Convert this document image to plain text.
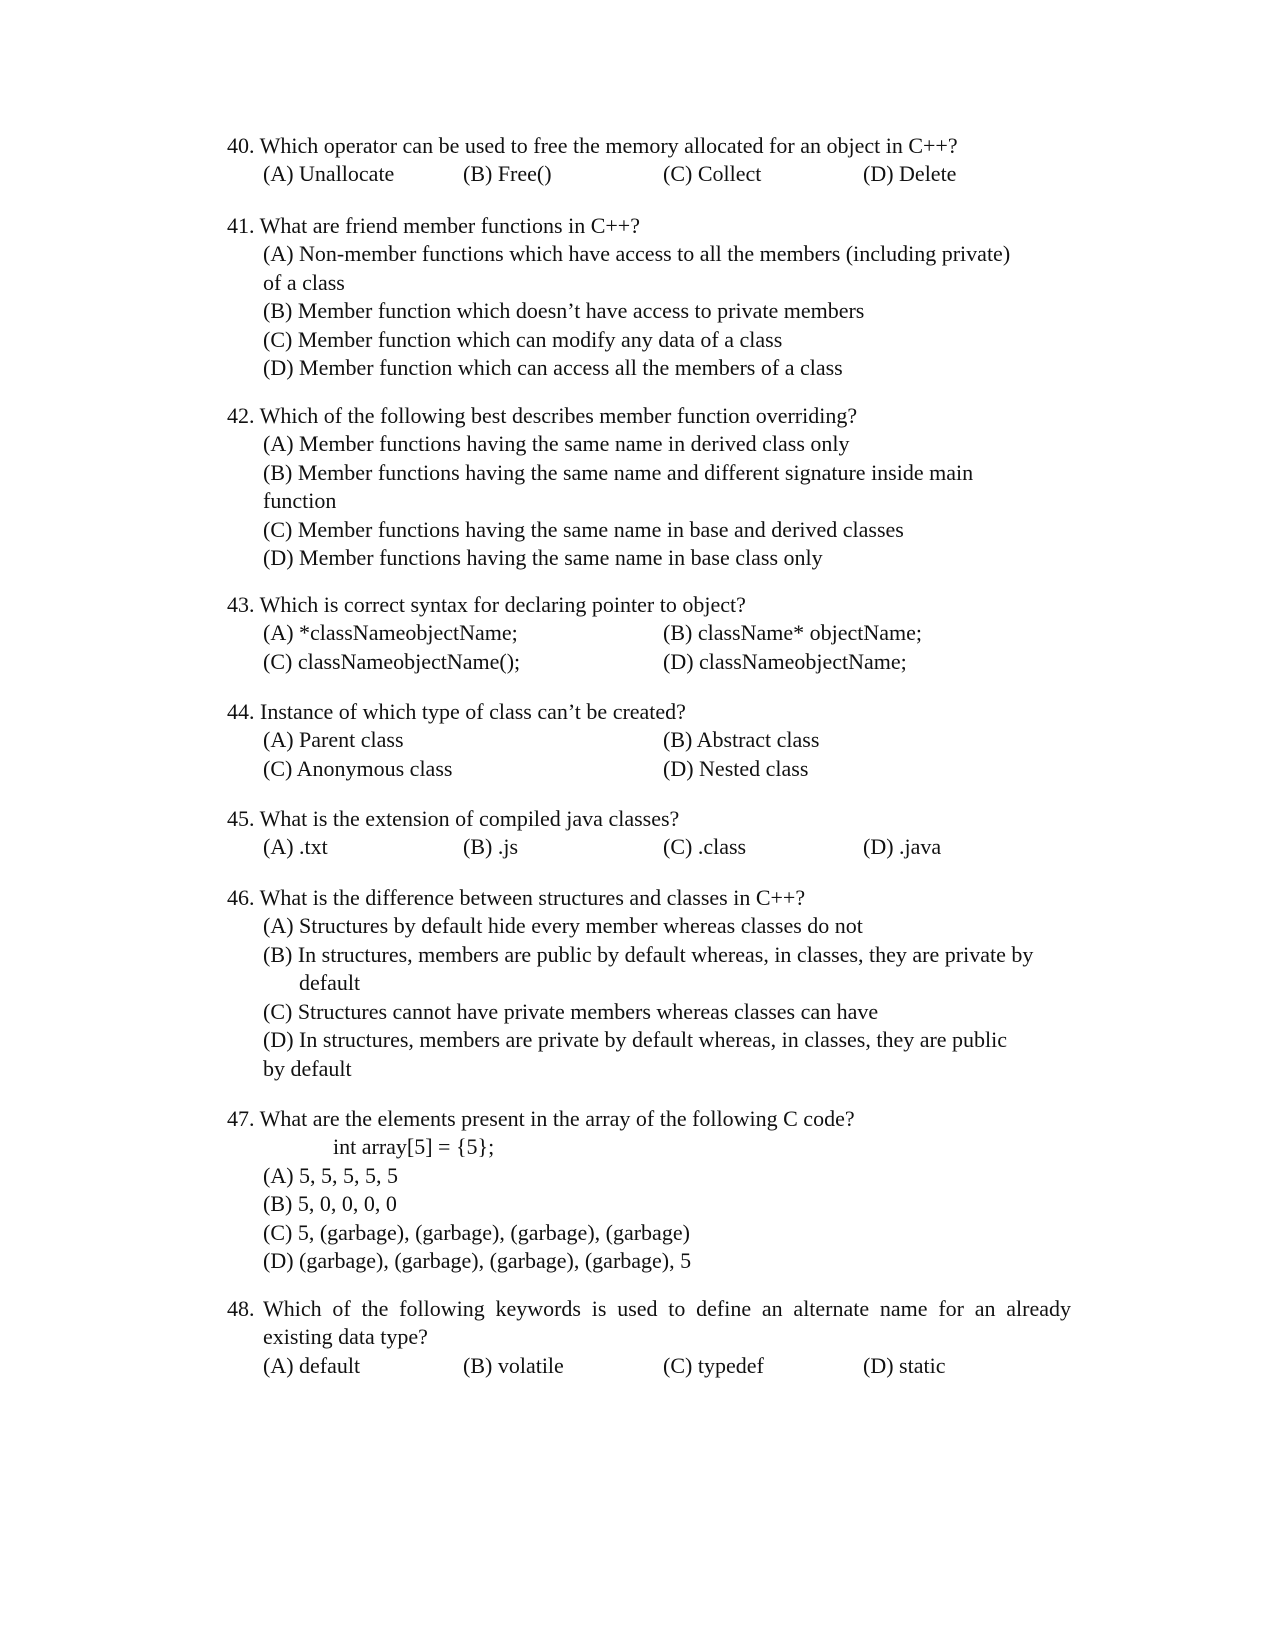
40. Which operator can be used to free the memory allocated for an object in C++?
(A) Unallocate	(B) Free()	(C) Collect	(D) Delete
41. What are friend member functions in C++?
(A) Non-member functions which have access to all the members (including private)
of a class
(B) Member function which doesn’t have access to private members
(C) Member function which can modify any data of a class
(D) Member function which can access all the members of a class
42. Which of the following best describes member function overriding?
(A) Member functions having the same name in derived class only
(B) Member functions having the same name and different signature inside main
function
(C) Member functions having the same name in base and derived classes
(D) Member functions having the same name in base class only
43. Which is correct syntax for declaring pointer to object?
(A) *classNameobjectName;	(B) className* objectName;
(C) classNameobjectName();	(D) classNameobjectName;
44. Instance of which type of class can’t be created?
(A) Parent class	(B) Abstract class
(C) Anonymous class	(D) Nested class
45. What is the extension of compiled java classes?
(A) .txt	(B) .js	(C) .class	(D) .java
46. What is the difference between structures and classes in C++?
(A) Structures by default hide every member whereas classes do not
(B) In structures, members are public by default whereas, in classes, they are private by
default
(C) Structures cannot have private members whereas classes can have
(D) In structures, members are private by default whereas, in classes, they are public
by default
47. What are the elements present in the array of the following C code?
int array[5] = {5};
(A) 5, 5, 5, 5, 5
(B) 5, 0, 0, 0, 0
(C) 5, (garbage), (garbage), (garbage), (garbage)
(D) (garbage), (garbage), (garbage), (garbage), 5
48. Which of the following keywords is used to define an alternate name for an already
existing data type?
(A) default	(B) volatile	(C) typedef	(D) static
